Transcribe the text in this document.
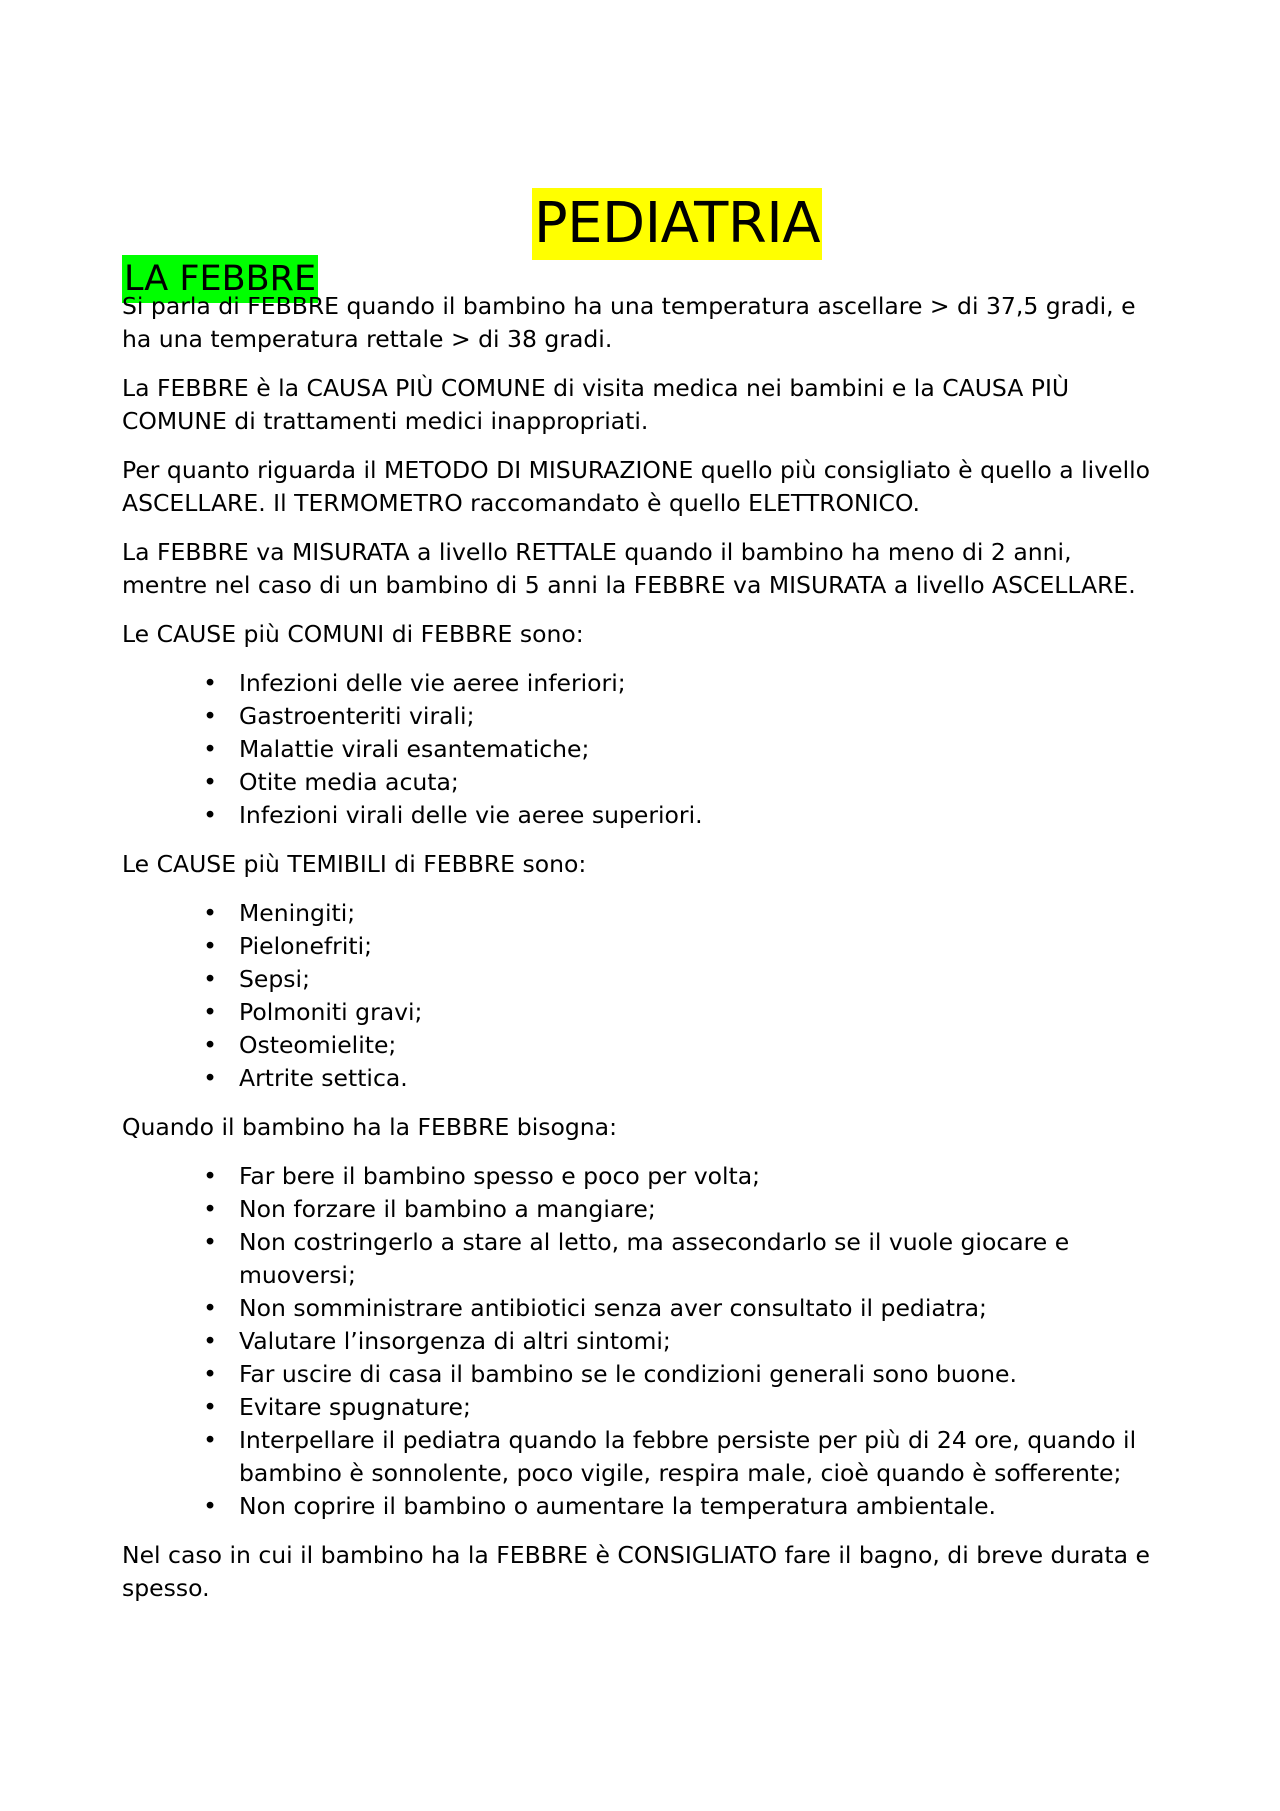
PEDIATRIA
LA FEBBRE

Si parla di FEBBRE quando il bambino ha una temperatura ascellare > di 37,5 gradi, e ha una temperatura rettale > di 38 gradi.

La FEBBRE è la CAUSA PIÙ COMUNE di visita medica nei bambini e la CAUSA PIÙ COMUNE di trattamenti medici inappropriati.

Per quanto riguarda il METODO DI MISURAZIONE quello più consigliato è quello a livello ASCELLARE. Il TERMOMETRO raccomandato è quello ELETTRONICO.

La FEBBRE va MISURATA a livello RETTALE quando il bambino ha meno di 2 anni, mentre nel caso di un bambino di 5 anni la FEBBRE va MISURATA a livello ASCELLARE.

Le CAUSE più COMUNI di FEBBRE sono:

• Infezioni delle vie aeree inferiori;
• Gastroenteriti virali;
• Malattie virali esantematiche;
• Otite media acuta;
• Infezioni virali delle vie aeree superiori.

Le CAUSE più TEMIBILI di FEBBRE sono:

• Meningiti;
• Pielonefriti;
• Sepsi;
• Polmoniti gravi;
• Osteomielite;
• Artrite settica.

Quando il bambino ha la FEBBRE bisogna:

• Far bere il bambino spesso e poco per volta;
• Non forzare il bambino a mangiare;
• Non costringerlo a stare al letto, ma assecondarlo se il vuole giocare e muoversi;
• Non somministrare antibiotici senza aver consultato il pediatra;
• Valutare l’insorgenza di altri sintomi;
• Far uscire di casa il bambino se le condizioni generali sono buone.
• Evitare spugnature;
• Interpellare il pediatra quando la febbre persiste per più di 24 ore, quando il bambino è sonnolente, poco vigile, respira male, cioè quando è sofferente;
• Non coprire il bambino o aumentare la temperatura ambientale.

Nel caso in cui il bambino ha la FEBBRE è CONSIGLIATO fare il bagno, di breve durata e spesso.
